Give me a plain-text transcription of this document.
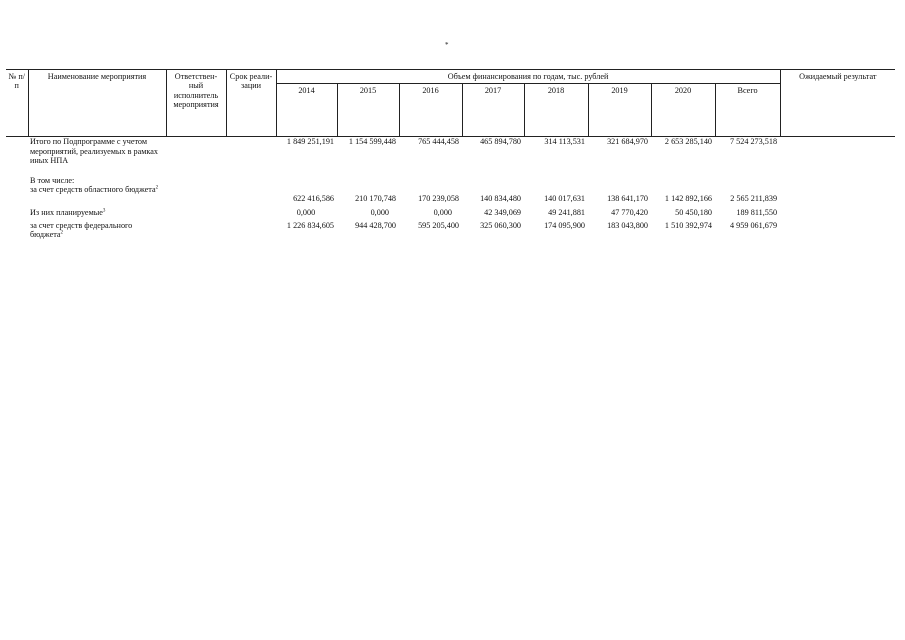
*
№ п/п	Наименование мероприятия	Ответствен-ный исполнитель мероприятия	Срок реали-зации	Объем финансирования по годам, тыс. рублей								Ожидаемый результат
				2014	2015	2016	2017	2018	2019	2020	Всего	

	Итого по Подпрограмме с учетом мероприятий, реализуемых в рамках иных НПА			1 849 251,191	1 154 599,448	765 444,458	465 894,780	314 113,531	321 684,970	2 653 285,140	7 524 273,518	

	В том числе:											
	за счет средств областного бюджета$^2$			622 416,586	210 170,748	170 239,058	140 834,480	140 017,631	138 641,170	1 142 892,166	2 565 211,839	
	Из них планируемые$^3$			0,000	0,000	0,000	42 349,069	49 241,881	47 770,420	50 450,180	189 811,550	
	за счет средств федерального бюджета$^2$			1 226 834,605	944 428,700	595 205,400	325 060,300	174 095,900	183 043,800	1 510 392,974	4 959 061,679	
